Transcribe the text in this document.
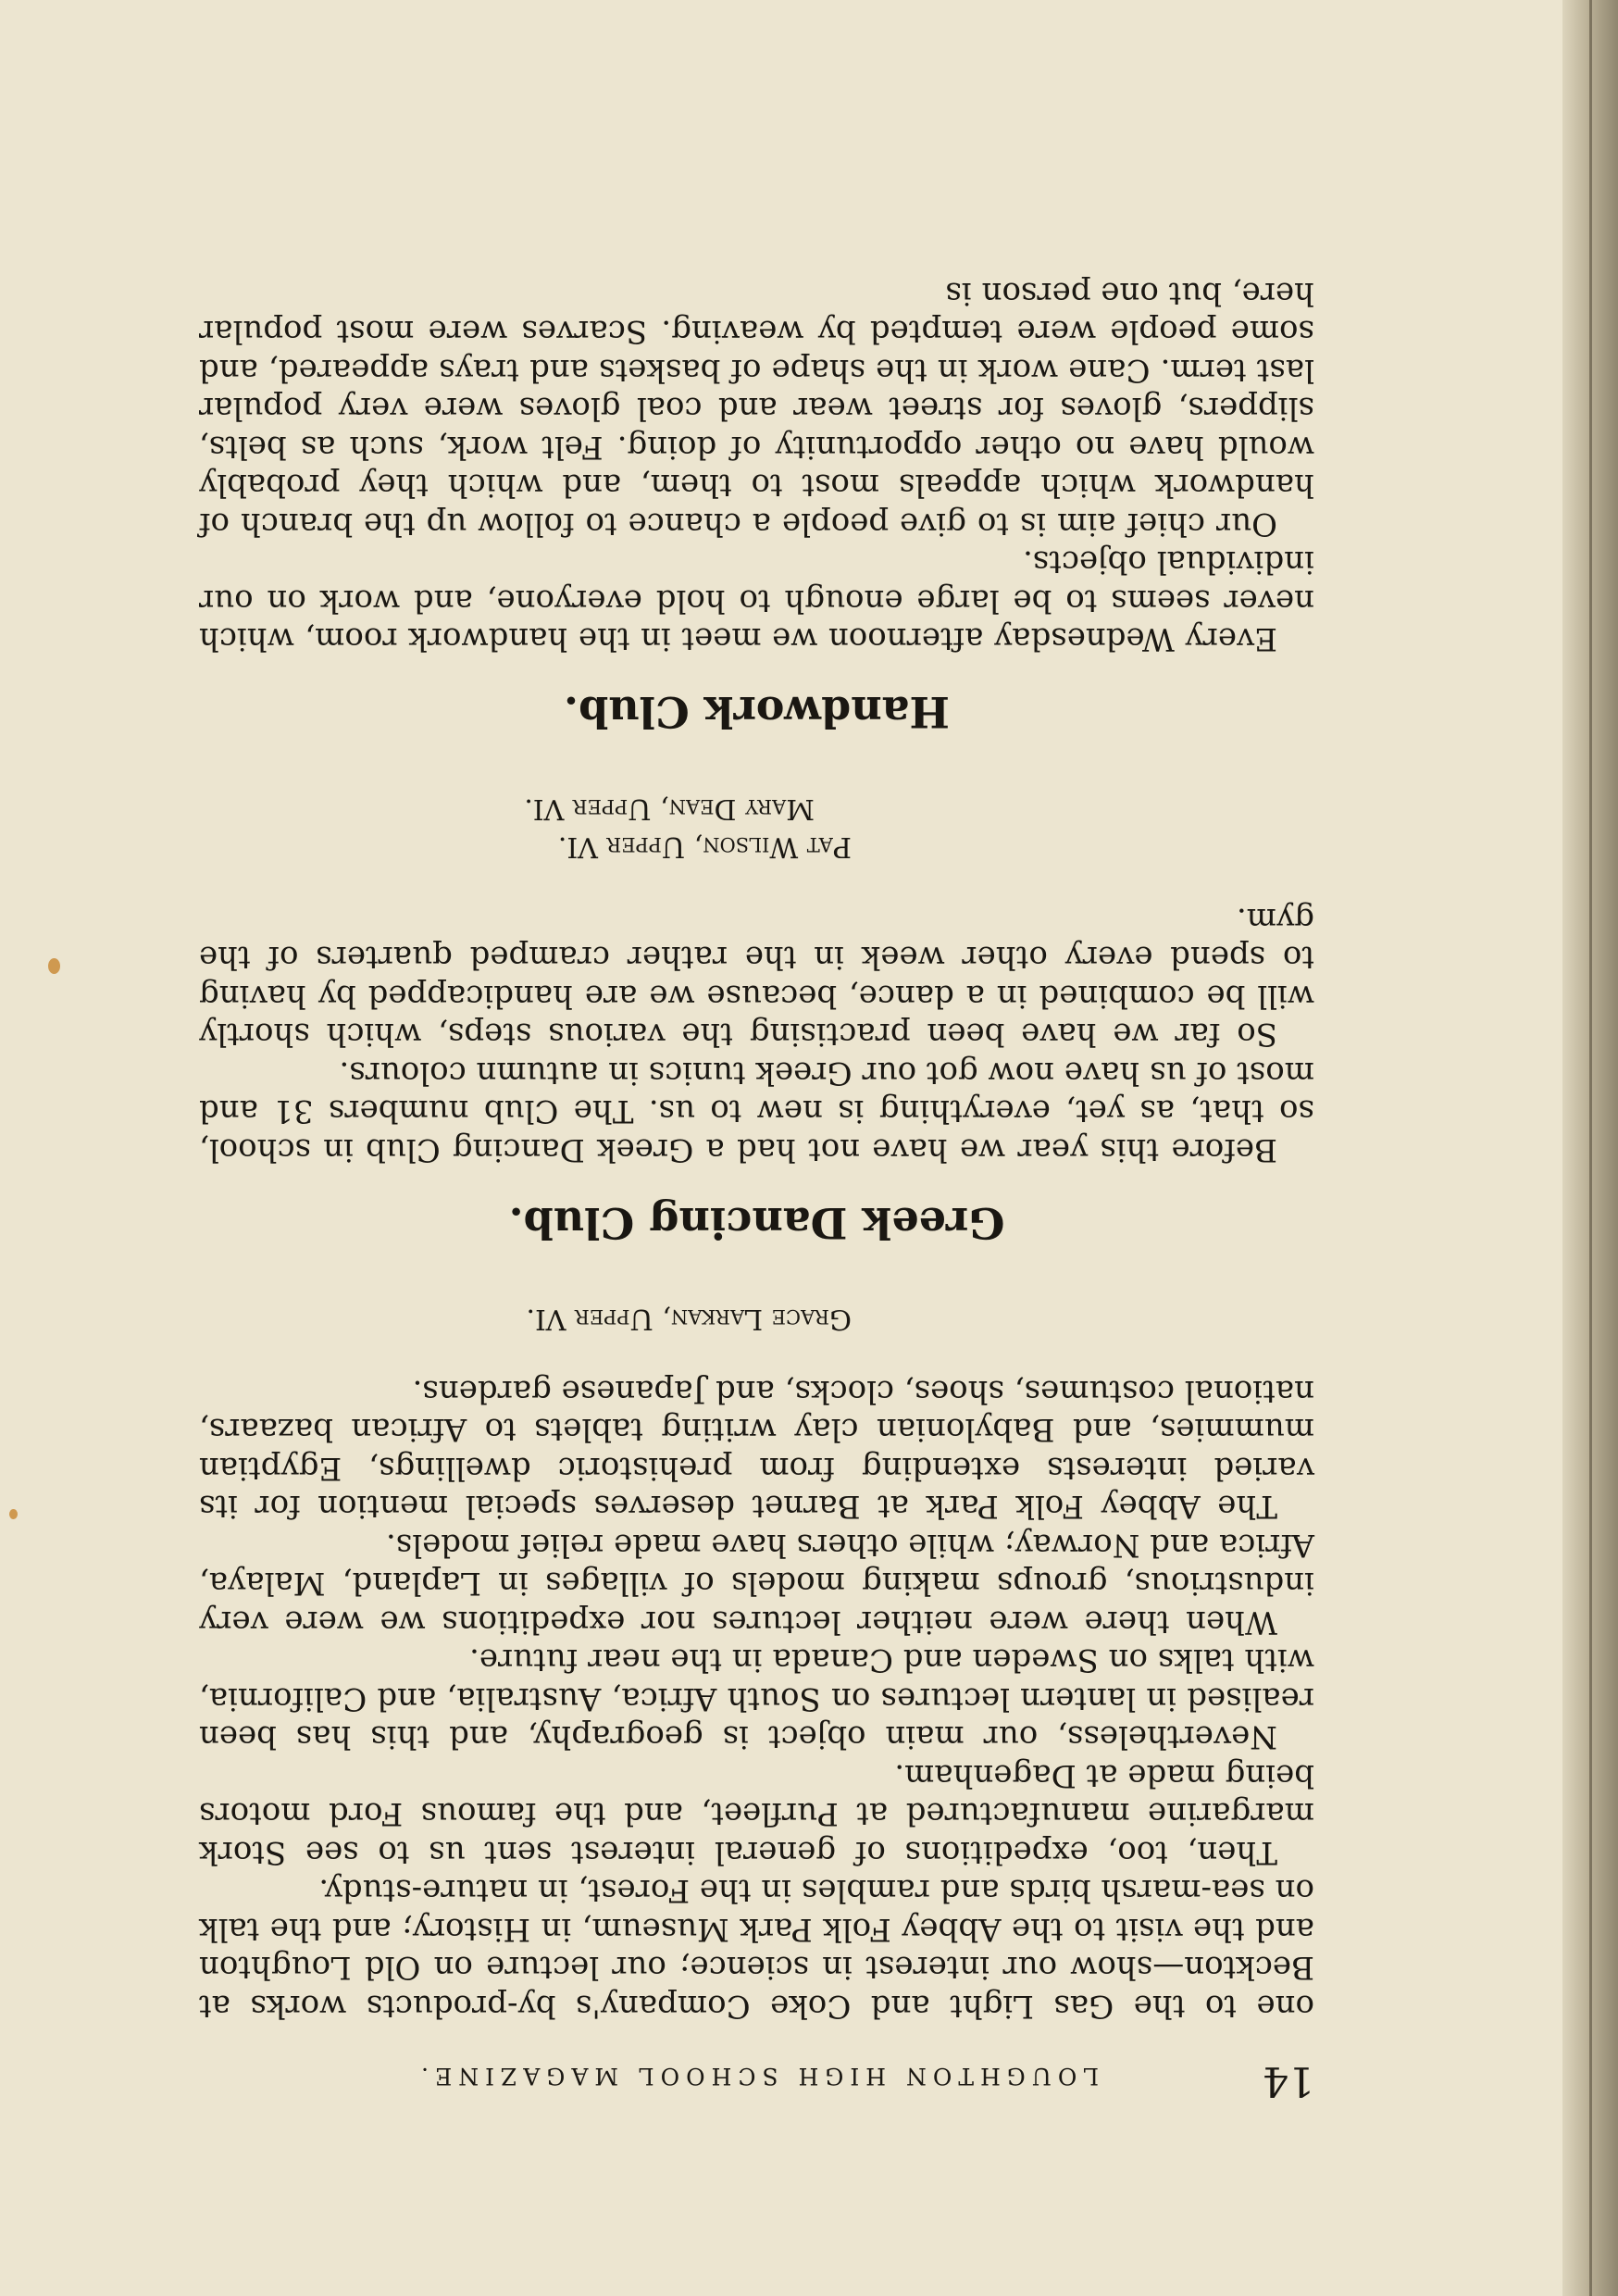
14
LOUGHTON HIGH SCHOOL MAGAZINE.

one to the Gas Light and Coke Company's by-products works at Beckton—show our interest in science; our lecture on Old Loughton and the visit to the Abbey Folk Park Museum, in History; and the talk on sea-marsh birds and rambles in the Forest, in nature-study.

Then, too, expeditions of general interest sent us to see Stork margarine manufactured at Purfleet, and the famous Ford motors being made at Dagenham.

Nevertheless, our main object is geography, and this has been realised in lantern lectures on South Africa, Australia, and California, with talks on Sweden and Canada in the near future.

When there were neither lectures nor expeditions we were very industrious, groups making models of villages in Lapland, Malaya, Africa and Norway; while others have made relief models.

The Abbey Folk Park at Barnet deserves special mention for its varied interests extending from prehistoric dwellings, Egyptian mummies, and Babylonian clay writing tablets to African bazaars, national costumes, shoes, clocks, and Japanese gardens.

Grace Larkan, Upper VI.

Greek Dancing Club.

Before this year we have not had a Greek Dancing Club in school, so that, as yet, everything is new to us. The Club numbers 31 and most of us have now got our Greek tunics in autumn colours.

So far we have been practising the various steps, which shortly will be combined in a dance, because we are handicapped by having to spend every other week in the rather cramped quarters of the gym.

Pat Wilson, Upper VI.

Mary Dean, Upper VI.

Handwork Club.

Every Wednesday afternoon we meet in the handwork room, which never seems to be large enough to hold everyone, and work on our individual objects.

Our chief aim is to give people a chance to follow up the branch of handwork which appeals most to them, and which they probably would have no other opportunity of doing. Felt work, such as belts, slippers, gloves for street wear and coal gloves were very popular last term. Cane work in the shape of baskets and trays appeared, and some people were tempted by weaving. Scarves were most popular here, but one person is
